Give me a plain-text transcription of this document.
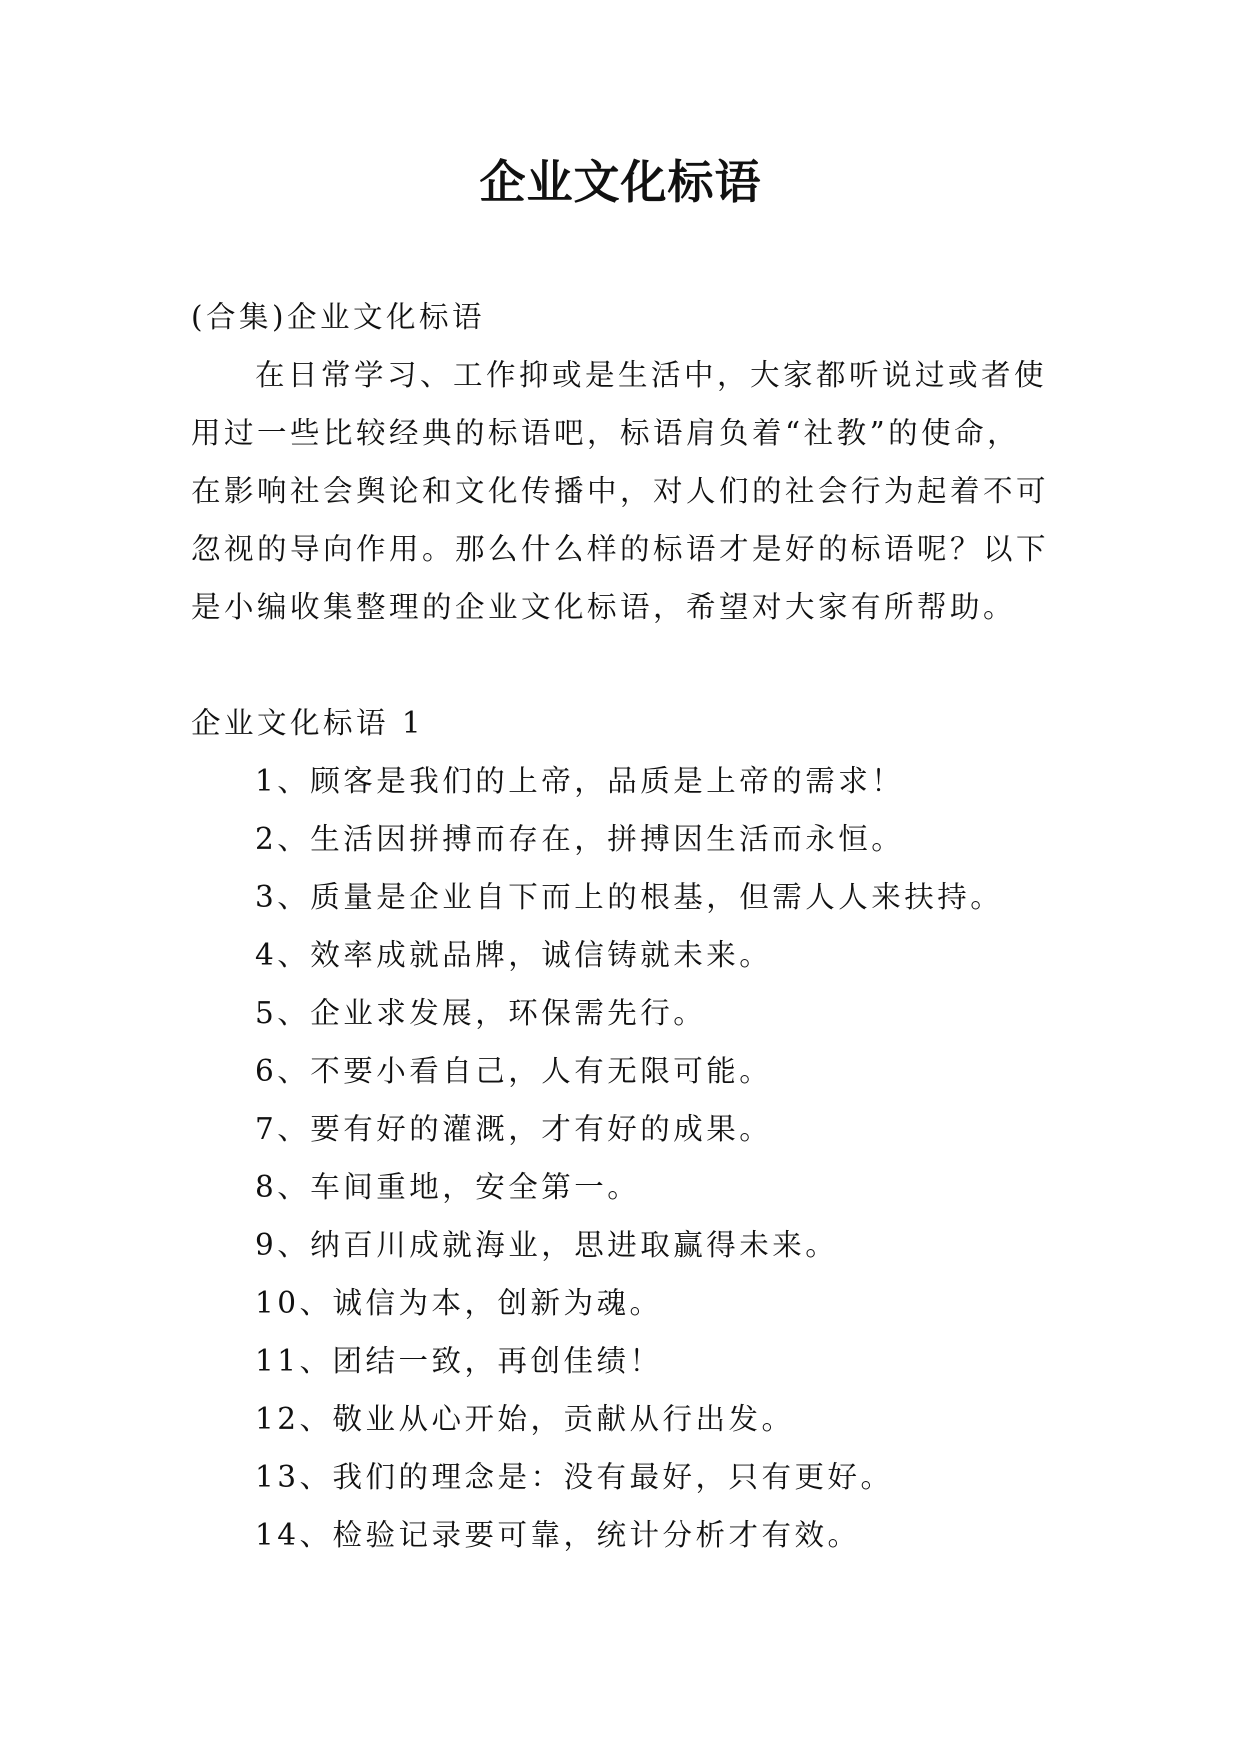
企业文化标语
(合集)企业文化标语
在日常学习、工作抑或是生活中，大家都听说过或者使
用过一些比较经典的标语吧，标语肩负着“社教”的使命，
在影响社会舆论和文化传播中，对人们的社会行为起着不可
忽视的导向作用。那么什么样的标语才是好的标语呢？以下
是小编收集整理的企业文化标语，希望对大家有所帮助。
企业文化标语 1
1、顾客是我们的上帝，品质是上帝的需求！
2、生活因拼搏而存在，拼搏因生活而永恒。
3、质量是企业自下而上的根基，但需人人来扶持。
4、效率成就品牌，诚信铸就未来。
5、企业求发展，环保需先行。
6、不要小看自己，人有无限可能。
7、要有好的灌溉，才有好的成果。
8、车间重地，安全第一。
9、纳百川成就海业，思进取赢得未来。
10、诚信为本，创新为魂。
11、团结一致，再创佳绩！
12、敬业从心开始，贡献从行出发。
13、我们的理念是：没有最好，只有更好。
14、检验记录要可靠，统计分析才有效。
